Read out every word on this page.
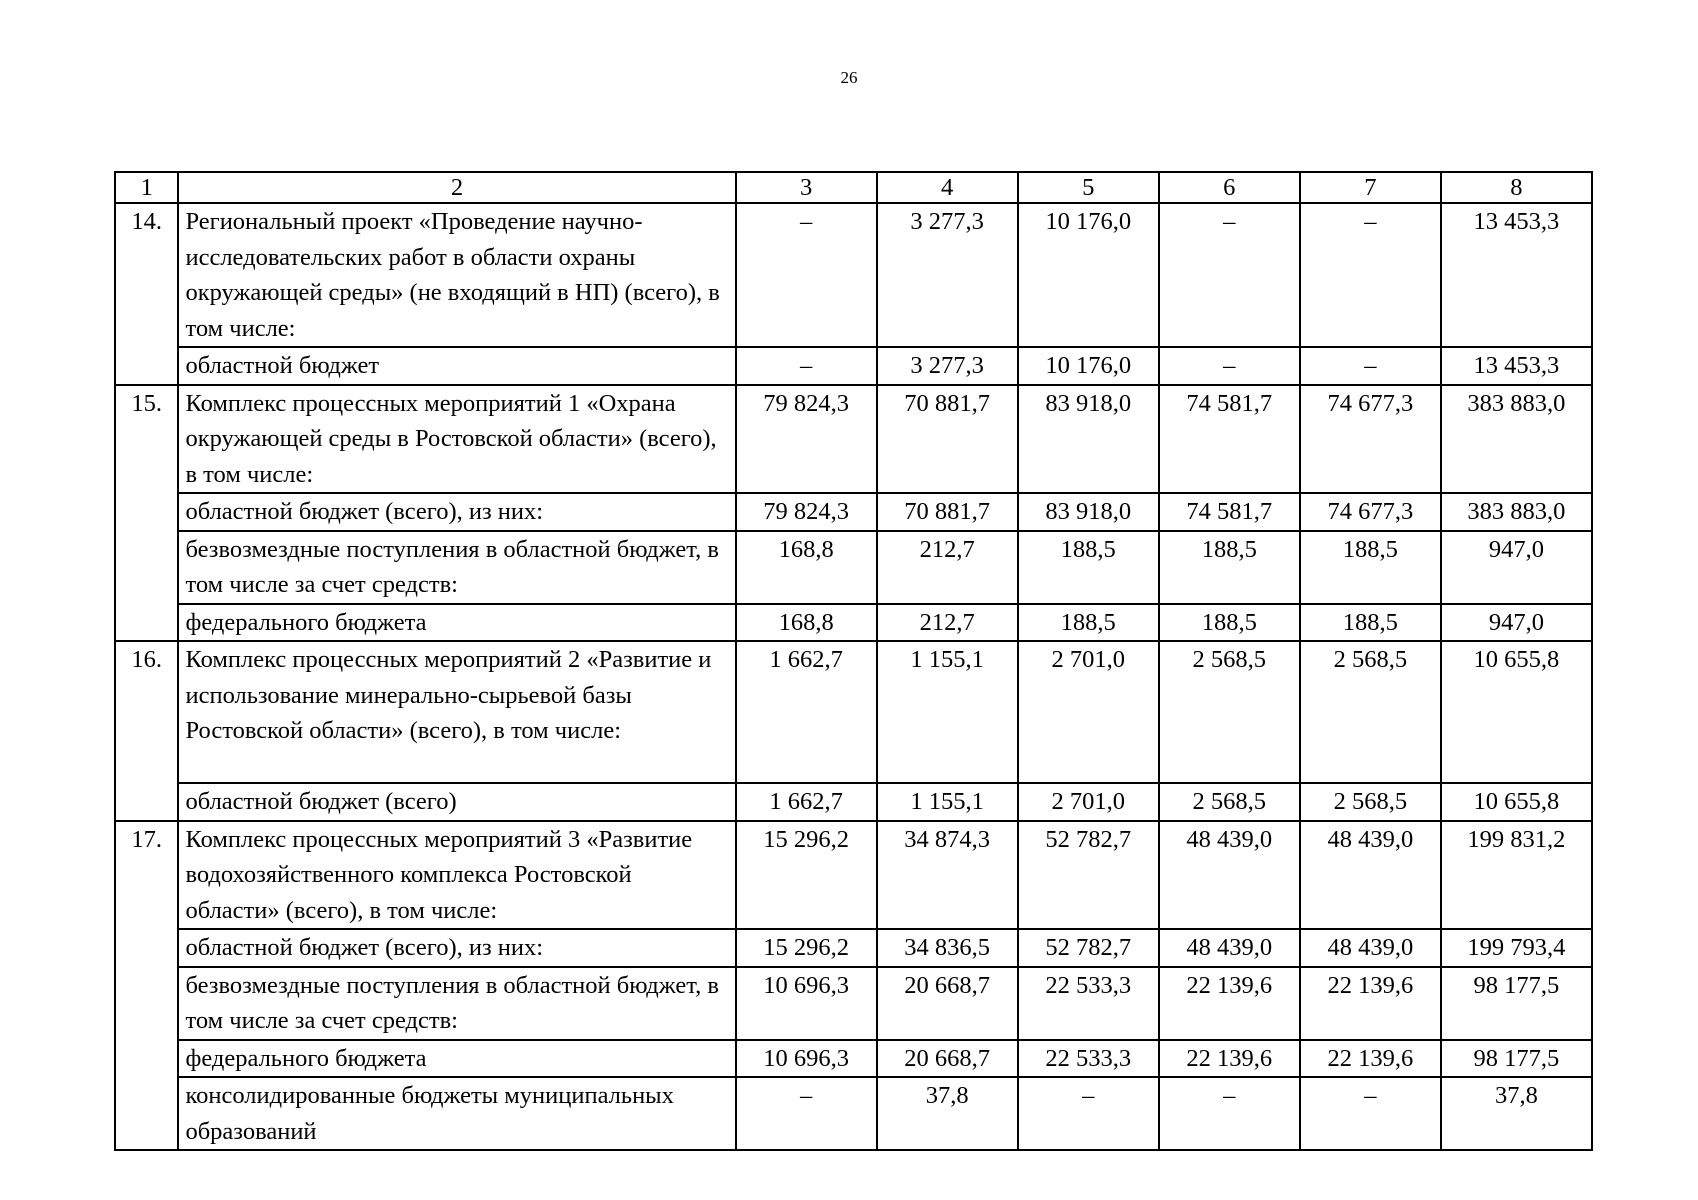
26
1	2	3	4	5	6	7	8
14.	Региональный проект «Проведение научно-исследовательских работ в области охраны окружающей среды» (не входящий в НП) (всего), в том числе:	–	3 277,3	10 176,0	–	–	13 453,3
	областной бюджет	–	3 277,3	10 176,0	–	–	13 453,3
15.	Комплекс процессных мероприятий 1 «Охрана окружающей среды в Ростовской области» (всего), в том числе:	79 824,3	70 881,7	83 918,0	74 581,7	74 677,3	383 883,0
	областной бюджет (всего), из них:	79 824,3	70 881,7	83 918,0	74 581,7	74 677,3	383 883,0
	безвозмездные поступления в областной бюджет, в том числе за счет средств:	168,8	212,7	188,5	188,5	188,5	947,0
	федерального бюджета	168,8	212,7	188,5	188,5	188,5	947,0
16.	Комплекс процессных мероприятий 2 «Развитие и использование минерально-сырьевой базы Ростовской области» (всего), в том числе:	1 662,7	1 155,1	2 701,0	2 568,5	2 568,5	10 655,8
	областной бюджет (всего)	1 662,7	1 155,1	2 701,0	2 568,5	2 568,5	10 655,8
17.	Комплекс процессных мероприятий 3 «Развитие водохозяйственного комплекса Ростовской области» (всего), в том числе:	15 296,2	34 874,3	52 782,7	48 439,0	48 439,0	199 831,2
	областной бюджет (всего), из них:	15 296,2	34 836,5	52 782,7	48 439,0	48 439,0	199 793,4
	безвозмездные поступления в областной бюджет, в том числе за счет средств:	10 696,3	20 668,7	22 533,3	22 139,6	22 139,6	98 177,5
	федерального бюджета	10 696,3	20 668,7	22 533,3	22 139,6	22 139,6	98 177,5
	консолидированные бюджеты муниципальных образований	–	37,8	–	–	–	37,8
